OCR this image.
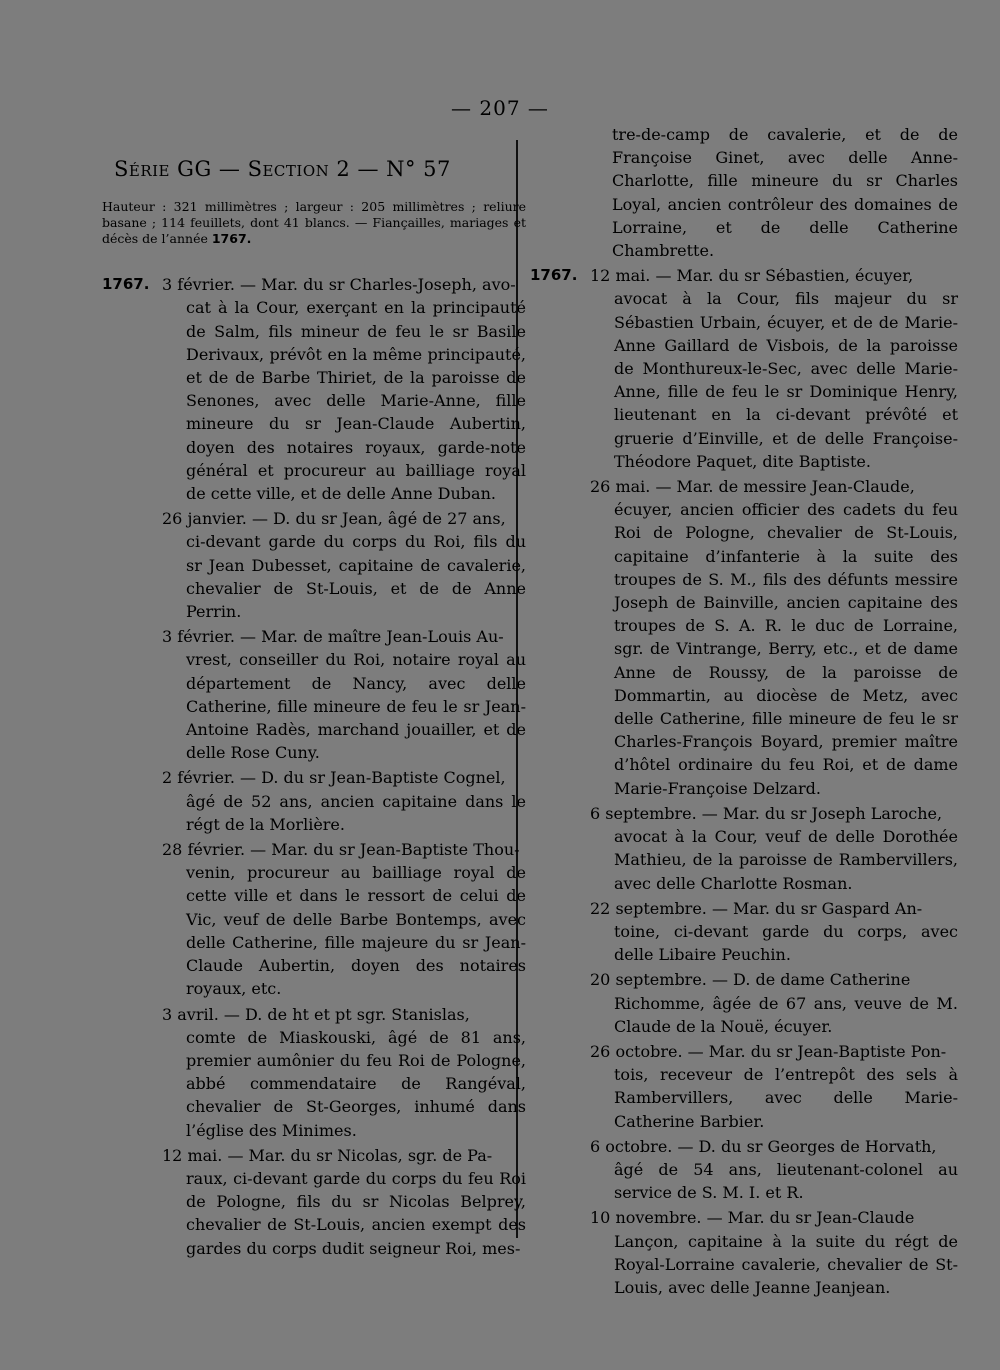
— 207 —
Série GG — Section 2 — N° 57
Hauteur : 321 millimètres ; largeur : 205 millimètres ; reliure basane ; 114 feuillets, dont 41 blancs. — Fiançailles, mariages et décès de l’année 1767.
1767. 3 février. — Mar. du sr Charles-Joseph, avo-
cat à la Cour, exerçant en la principauté de Salm, fils mineur de feu le sr Basile Derivaux, prévôt en la même principauté, et de de Barbe Thiriet, de la paroisse de Senones, avec delle Marie-Anne, fille mineure du sr Jean-Claude Aubertin, doyen des notaires royaux, garde-note général et procureur au bailliage royal de cette ville, et de delle Anne Duban.
26 janvier. — D. du sr Jean, âgé de 27 ans,
ci-devant garde du corps du Roi, fils du sr Jean Dubesset, capitaine de cavalerie, chevalier de St-Louis, et de de Anne Perrin.
3 février. — Mar. de maître Jean-Louis Au-
vrest, conseiller du Roi, notaire royal au département de Nancy, avec delle Catherine, fille mineure de feu le sr Jean-Antoine Radès, marchand jouailler, et de delle Rose Cuny.
2 février. — D. du sr Jean-Baptiste Cognel,
âgé de 52 ans, ancien capitaine dans le régt de la Morlière.
28 février. — Mar. du sr Jean-Baptiste Thou-
venin, procureur au bailliage royal de cette ville et dans le ressort de celui de Vic, veuf de delle Barbe Bontemps, avec delle Catherine, fille majeure du sr Jean-Claude Aubertin, doyen des notaires royaux, etc.
3 avril. — D. de ht et pt sgr. Stanislas,
comte de Miaskouski, âgé de 81 ans, premier aumônier du feu Roi de Pologne, abbé commendataire de Rangéval, chevalier de St-Georges, inhumé dans l’église des Minimes.
12 mai. — Mar. du sr Nicolas, sgr. de Pa-
raux, ci-devant garde du corps du feu Roi de Pologne, fils du sr Nicolas Belprey, chevalier de St-Louis, ancien exempt des gardes du corps dudit seigneur Roi, mes-
tre-de-camp de cavalerie, et de de Françoise Ginet, avec delle Anne-Charlotte, fille mineure du sr Charles Loyal, ancien contrôleur des domaines de Lorraine, et de delle Catherine Chambrette.
1767. 12 mai. — Mar. du sr Sébastien, écuyer,
avocat à la Cour, fils majeur du sr Sébastien Urbain, écuyer, et de de Marie-Anne Gaillard de Visbois, de la paroisse de Monthureux-le-Sec, avec delle Marie-Anne, fille de feu le sr Dominique Henry, lieutenant en la ci-devant prévôté et gruerie d’Einville, et de delle Françoise-Théodore Paquet, dite Baptiste.
26 mai. — Mar. de messire Jean-Claude,
écuyer, ancien officier des cadets du feu Roi de Pologne, chevalier de St-Louis, capitaine d’infanterie à la suite des troupes de S. M., fils des défunts messire Joseph de Bainville, ancien capitaine des troupes de S. A. R. le duc de Lorraine, sgr. de Vintrange, Berry, etc., et de dame Anne de Roussy, de la paroisse de Dommartin, au diocèse de Metz, avec delle Catherine, fille mineure de feu le sr Charles-François Boyard, premier maître d’hôtel ordinaire du feu Roi, et de dame Marie-Françoise Delzard.
6 septembre. — Mar. du sr Joseph Laroche,
avocat à la Cour, veuf de delle Dorothée Mathieu, de la paroisse de Rambervillers, avec delle Charlotte Rosman.
22 septembre. — Mar. du sr Gaspard An-
toine, ci-devant garde du corps, avec delle Libaire Peuchin.
20 septembre. — D. de dame Catherine
Richomme, âgée de 67 ans, veuve de M. Claude de la Nouë, écuyer.
26 octobre. — Mar. du sr Jean-Baptiste Pon-
tois, receveur de l’entrepôt des sels à Rambervillers, avec delle Marie-Catherine Barbier.
6 octobre. — D. du sr Georges de Horvath,
âgé de 54 ans, lieutenant-colonel au service de S. M. I. et R.
10 novembre. — Mar. du sr Jean-Claude
Lançon, capitaine à la suite du régt de Royal-Lorraine cavalerie, chevalier de St-Louis, avec delle Jeanne Jeanjean.
